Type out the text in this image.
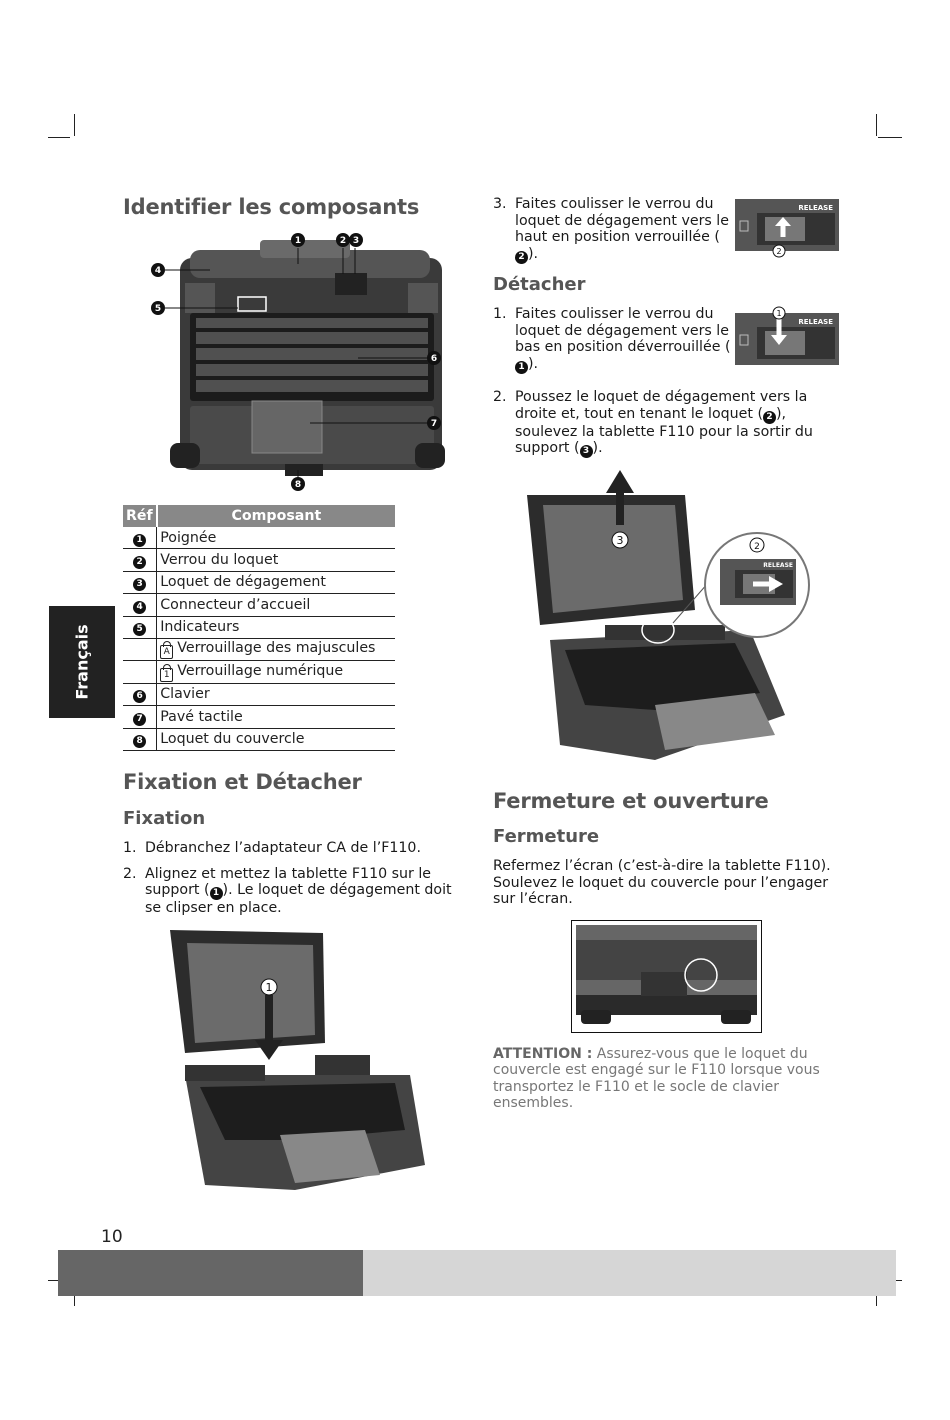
Identifier les composants
1	2 3
4
5
6
7
8
Réf	Composant
1	Poignée
2	Verrou du loquet
3	Loquet de dégagement
4	Connecteur d’accueil
5	Indicateurs
	A Verrouillage des majuscules
	1 Verrouillage numérique
6	Clavier
7	Pavé tactile
8	Loquet du couvercle
Français
Fixation et Détacher
Fixation
1. Débranchez l’adaptateur CA de l’F110.
2. Alignez et mettez la tablette F110 sur le support ( 1 ). Le loquet de dégagement doit se clipser en place.
1
10
3. Faites coulisser le verrou du loquet de dégagement vers le haut en position verrouillée (2 ).
RELEASE
2
Détacher
1. Faites coulisser le verrou du loquet de dégagement vers le bas en position déverrouillée (1 ).
RELEASE
1
2. Poussez le loquet de dégagement vers la droite et, tout en tenant le loquet ( 2 ), soulevez la tablette F110 pour la sortir du support ( 3 ).
3
RELEASE
2
Fermeture et ouverture
Fermeture
Refermez l’écran (c’est-à-dire la tablette F110). Soulevez le loquet du couvercle pour l’engager sur l’écran.
ATTENTION : Assurez-vous que le loquet du couvercle est engagé sur le F110 lorsque vous transportez le F110 et le socle de clavier ensembles.
